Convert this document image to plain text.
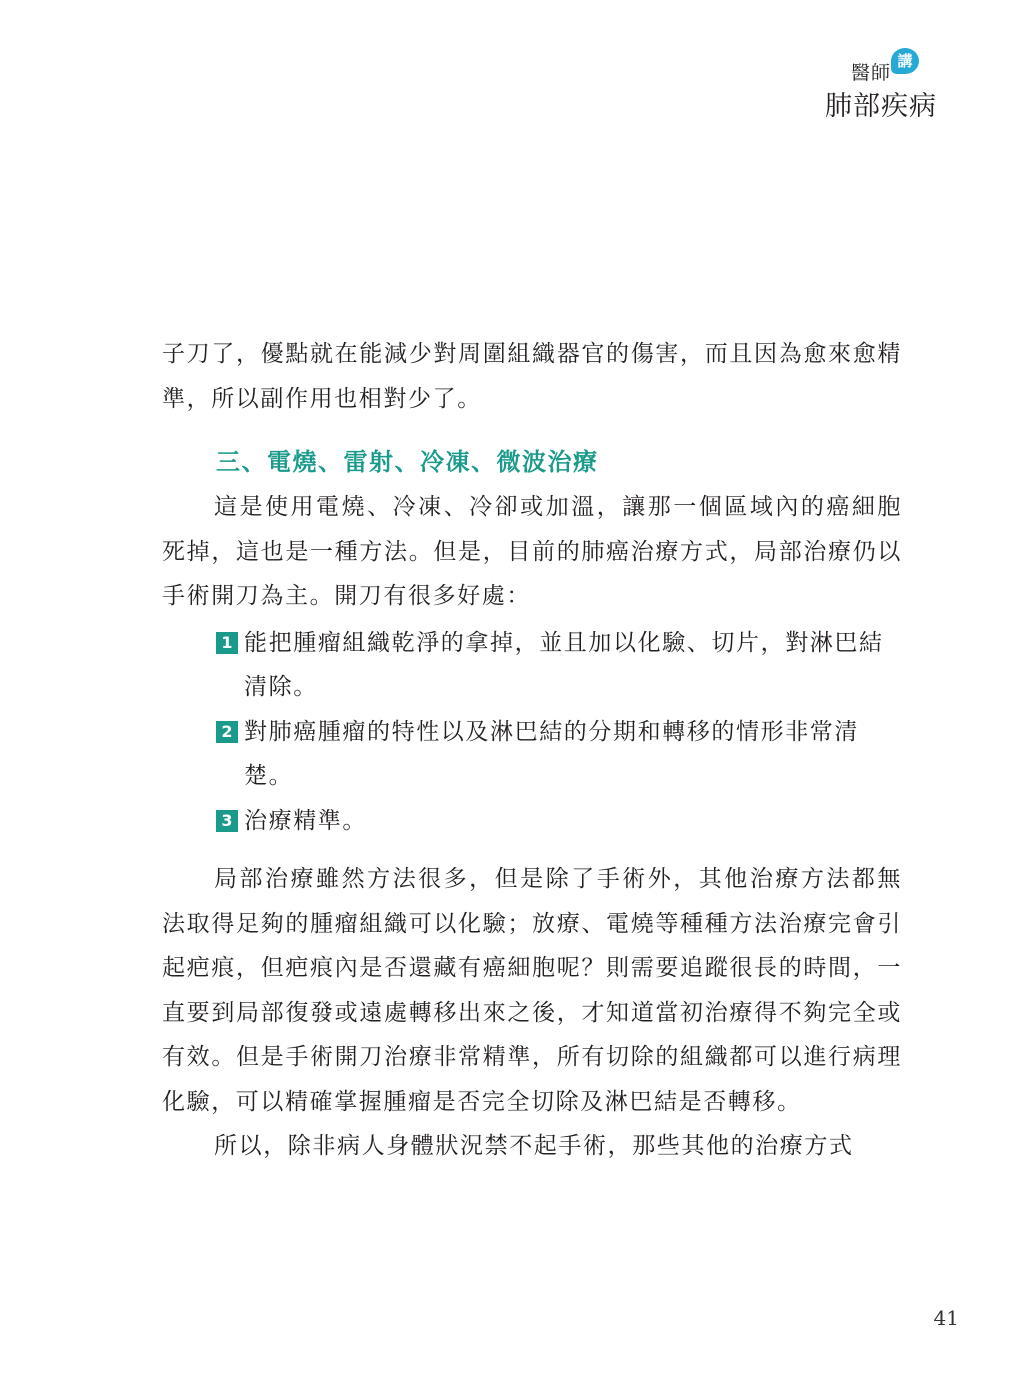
醫師
講
肺部疾病

子刀了，優點就在能減少對周圍組織器官的傷害，而且因為愈來愈精準，所以副作用也相對少了。

三、電燒、雷射、冷凍、微波治療

這是使用電燒、冷凍、冷卻或加溫，讓那一個區域內的癌細胞死掉，這也是一種方法。但是，目前的肺癌治療方式，局部治療仍以手術開刀為主。開刀有很多好處：

1 能把腫瘤組織乾淨的拿掉，並且加以化驗、切片，對淋巴結清除。
2 對肺癌腫瘤的特性以及淋巴結的分期和轉移的情形非常清楚。
3 治療精準。

局部治療雖然方法很多，但是除了手術外，其他治療方法都無法取得足夠的腫瘤組織可以化驗；放療、電燒等種種方法治療完會引起疤痕，但疤痕內是否還藏有癌細胞呢？則需要追蹤很長的時間，一直要到局部復發或遠處轉移出來之後，才知道當初治療得不夠完全或有效。但是手術開刀治療非常精準，所有切除的組織都可以進行病理化驗，可以精確掌握腫瘤是否完全切除及淋巴結是否轉移。

所以，除非病人身體狀況禁不起手術，那些其他的治療方式

41
